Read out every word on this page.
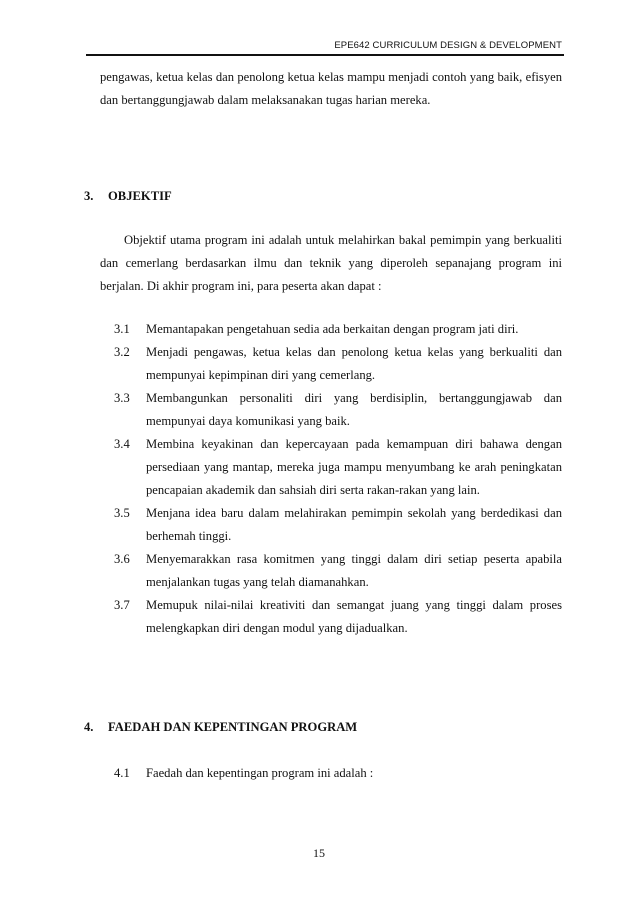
EPE642 CURRICULUM DESIGN & DEVELOPMENT

pengawas, ketua kelas dan penolong ketua kelas mampu menjadi contoh yang baik, efisyen dan bertanggungjawab dalam melaksanakan tugas harian mereka.

3. OBJEKTIF

Objektif utama program ini adalah untuk melahirkan bakal pemimpin yang berkualiti dan cemerlang berdasarkan ilmu dan teknik yang diperoleh sepanajang program ini berjalan. Di akhir program ini, para peserta akan dapat :

3.1	Memantapakan pengetahuan sedia ada berkaitan dengan program jati diri.
3.2	Menjadi pengawas, ketua kelas dan penolong ketua kelas yang berkualiti dan mempunyai kepimpinan diri yang cemerlang.
3.3	Membangunkan personaliti diri yang berdisiplin, bertanggungjawab dan mempunyai daya komunikasi yang baik.
3.4	Membina keyakinan dan kepercayaan pada kemampuan diri bahawa dengan persediaan yang mantap, mereka juga mampu menyumbang ke arah peningkatan pencapaian akademik dan sahsiah diri serta rakan-rakan yang lain.
3.5	Menjana idea baru dalam melahirakan pemimpin sekolah yang berdedikasi dan berhemah tinggi.
3.6	Menyemarakkan rasa komitmen yang tinggi dalam diri setiap peserta apabila menjalankan tugas yang telah diamanahkan.
3.7	Memupuk nilai-nilai kreativiti dan semangat juang yang tinggi dalam proses melengkapkan diri dengan modul yang dijadualkan.
4. FAEDAH DAN KEPENTINGAN PROGRAM
4.1	Faedah dan kepentingan program ini adalah :
15
